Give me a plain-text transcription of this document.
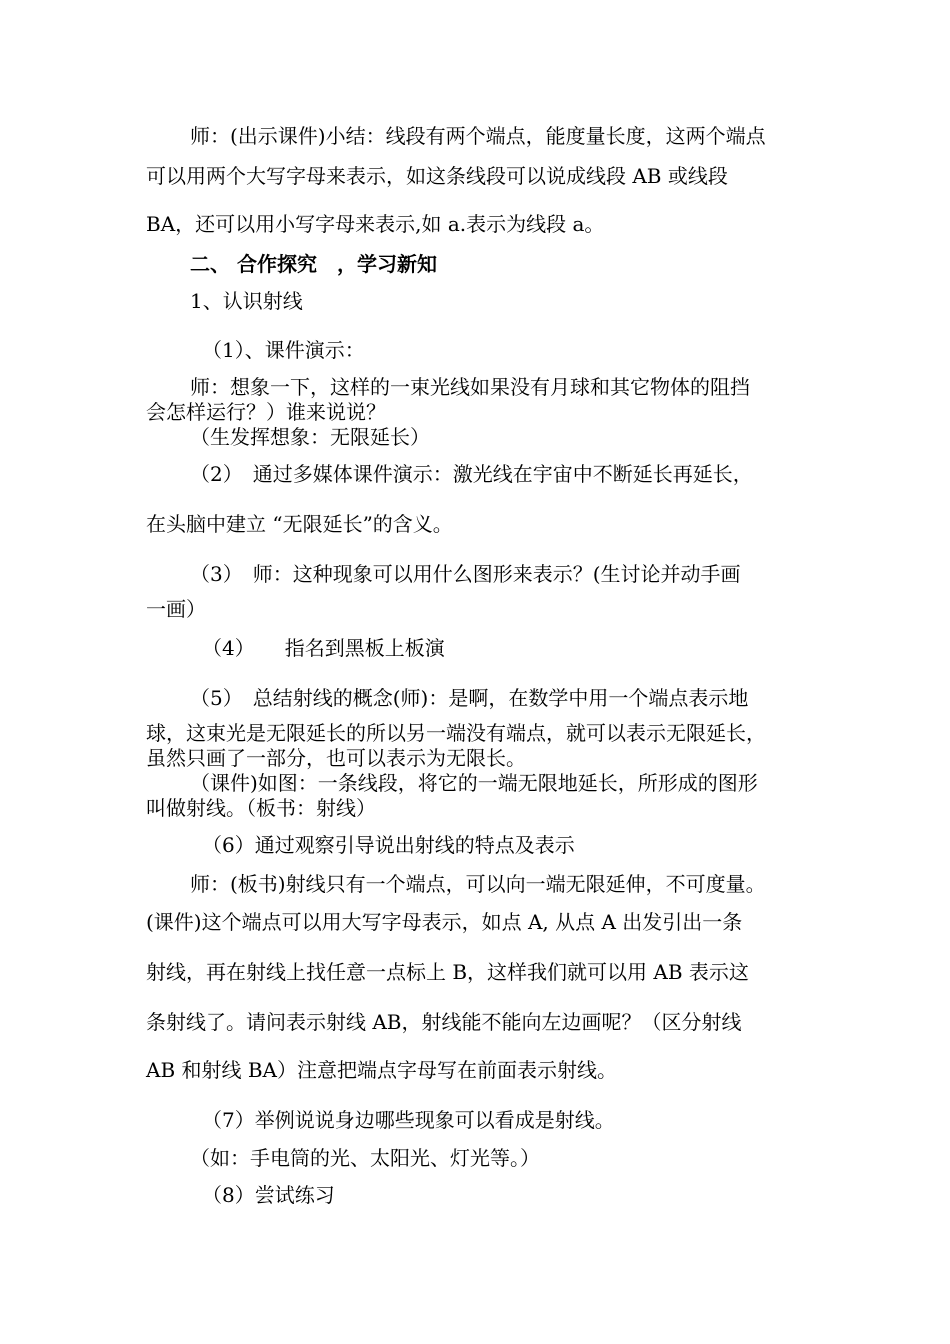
师：(出示课件)小结：线段有两个端点，能度量长度，这两个端点
可以用两个大写字母来表示，如这条线段可以说成线段 AB 或线段
BA，还可以用小写字母来表示,如 a.表示为线段 a。
二、 合作探究　，学习新知
1、认识射线
（1）、课件演示：
师：想象一下，这样的一束光线如果没有月球和其它物体的阻挡
会怎样运行？）谁来说说？
（生发挥想象：无限延长）
（2）　通过多媒体课件演示：激光线在宇宙中不断延长再延长，
在头脑中建立 “无限延长”的含义。
（3）　师：这种现象可以用什么图形来表示？(生讨论并动手画
一画）
（4）　　指名到黑板上板演
（5）　总结射线的概念(师)：是啊，在数学中用一个端点表示地
球，这束光是无限延长的所以另一端没有端点，就可以表示无限延长，
虽然只画了一部分，也可以表示为无限长。
（课件)如图：一条线段，将它的一端无限地延长，所形成的图形
叫做射线。（板书：射线）
（6）通过观察引导说出射线的特点及表示
师：(板书)射线只有一个端点，可以向一端无限延伸，不可度量。
(课件)这个端点可以用大写字母表示，如点 A, 从点 A 出发引出一条
射线，再在射线上找任意一点标上 B，这样我们就可以用 AB 表示这
条射线了。请问表示射线 AB，射线能不能向左边画呢？（区分射线
AB 和射线 BA）注意把端点字母写在前面表示射线。
（7）举例说说身边哪些现象可以看成是射线。
（如：手电筒的光、太阳光、灯光等。）
（8）尝试练习
